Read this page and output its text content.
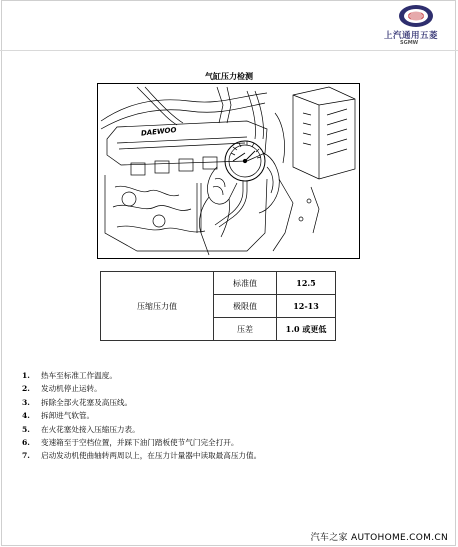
上汽通用五菱
SGMW
气缸压力检测
DAEWOO
压缩压力值	标准值	12.5
	极限值	12-13
	压差	1.0 或更低
1. 热车至标准工作温度。
2. 发动机停止运转。
3. 拆除全部火花塞及高压线。
4. 拆卸进气软管。
5. 在火花塞处接入压缩压力表。
6. 变速箱至于空档位置，并踩下油门踏板使节气门完全打开。
7. 启动发动机使曲轴转两周以上，在压力计量器中读取最高压力值。
汽车之家 AUTOHOME.COM.CN
